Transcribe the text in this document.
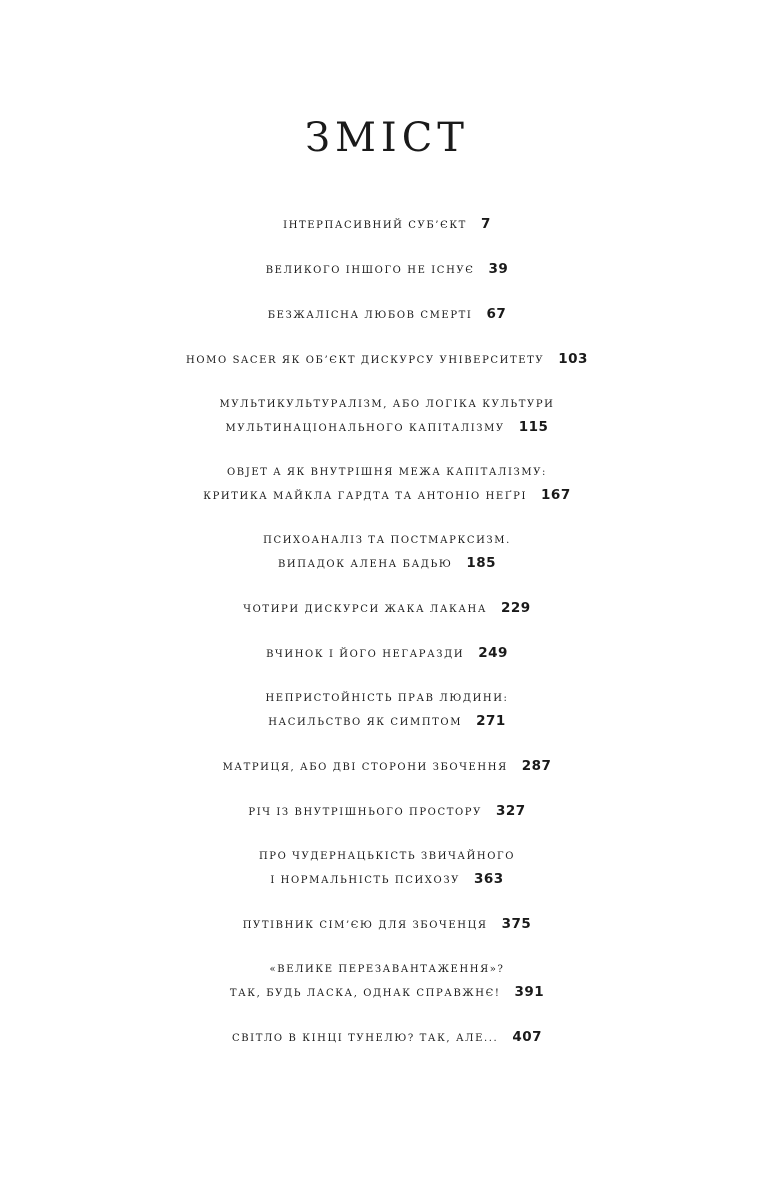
ЗМІСТ
ІНТЕРПАСИВНИЙ СУБ’ЄКТ 7
ВЕЛИКОГО ІНШОГО НЕ ІСНУЄ 39
БЕЗЖАЛІСНА ЛЮБОВ СМЕРТІ 67
HOMO SACER ЯК ОБ’ЄКТ ДИСКУРСУ УНІВЕРСИТЕТУ 103
МУЛЬТИКУЛЬТУРАЛІЗМ, АБО ЛОГІКА КУЛЬТУРИ
МУЛЬТИНАЦІОНАЛЬНОГО КАПІТАЛІЗМУ 115
OBJET A ЯК ВНУТРІШНЯ МЕЖА КАПІТАЛІЗМУ:
КРИТИКА МАЙКЛА ГАРДТА ТА АНТОНІО НЕҐРІ 167
ПСИХОАНАЛІЗ ТА ПОСТМАРКСИЗМ.
ВИПАДОК АЛЕНА БАДЬЮ 185
ЧОТИРИ ДИСКУРСИ ЖАКА ЛАКАНА 229
ВЧИНОК І ЙОГО НЕГАРАЗДИ 249
НЕПРИСТОЙНІСТЬ ПРАВ ЛЮДИНИ:
НАСИЛЬСТВО ЯК СИМПТОМ 271
МАТРИЦЯ, АБО ДВІ СТОРОНИ ЗБОЧЕННЯ 287
РІЧ ІЗ ВНУТРІШНЬОГО ПРОСТОРУ 327
ПРО ЧУДЕРНАЦЬКІСТЬ ЗВИЧАЙНОГО
І НОРМАЛЬНІСТЬ ПСИХОЗУ 363
ПУТІВНИК СІМ’ЄЮ ДЛЯ ЗБОЧЕНЦЯ 375
«ВЕЛИКЕ ПЕРЕЗАВАНТАЖЕННЯ»?
ТАК, БУДЬ ЛАСКА, ОДНАК СПРАВЖНЄ! 391
СВІТЛО В КІНЦІ ТУНЕЛЮ? ТАК, АЛЕ... 407
